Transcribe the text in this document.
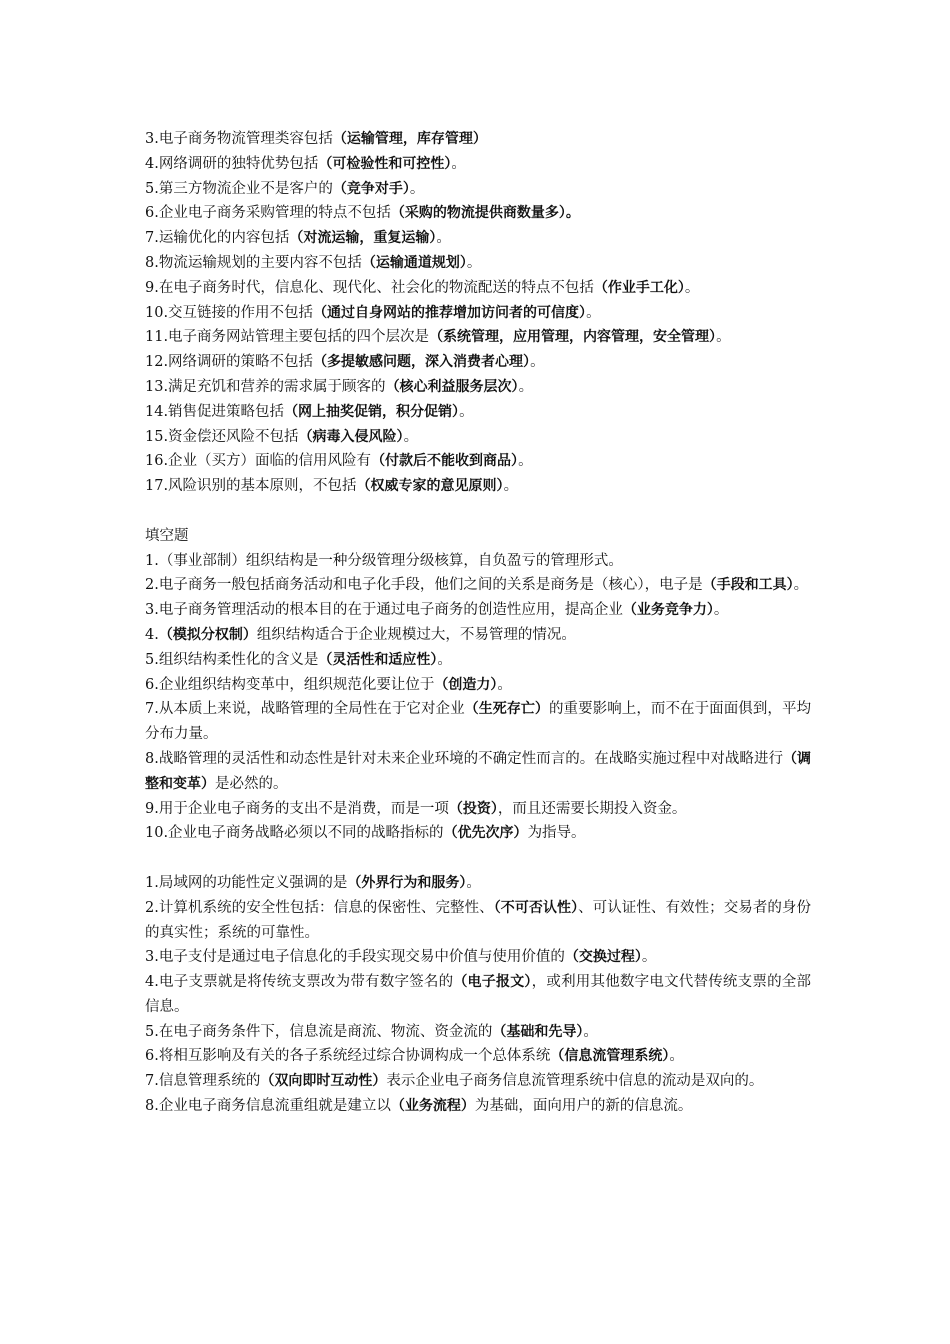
3.电子商务物流管理类容包括（运输管理，库存管理）
4.网络调研的独特优势包括（可检验性和可控性）。
5.第三方物流企业不是客户的（竞争对手）。
6.企业电子商务采购管理的特点不包括（采购的物流提供商数量多）。
7.运输优化的内容包括（对流运输，重复运输）。
8.物流运输规划的主要内容不包括（运输通道规划）。
9.在电子商务时代，信息化、现代化、社会化的物流配送的特点不包括（作业手工化）。
10.交互链接的作用不包括（通过自身网站的推荐增加访问者的可信度）。
11.电子商务网站管理主要包括的四个层次是（系统管理，应用管理，内容管理，安全管理）。
12.网络调研的策略不包括（多提敏感问题，深入消费者心理）。
13.满足充饥和营养的需求属于顾客的（核心利益服务层次）。
14.销售促进策略包括（网上抽奖促销，积分促销）。
15.资金偿还风险不包括（病毒入侵风险）。
16.企业（买方）面临的信用风险有（付款后不能收到商品）。
17.风险识别的基本原则，不包括（权威专家的意见原则）。
填空题
1.（事业部制）组织结构是一种分级管理分级核算，自负盈亏的管理形式。
2.电子商务一般包括商务活动和电子化手段，他们之间的关系是商务是（核心），电子是（手段和工具）。
3.电子商务管理活动的根本目的在于通过电子商务的创造性应用，提高企业（业务竞争力）。
4.（模拟分权制）组织结构适合于企业规模过大，不易管理的情况。
5.组织结构柔性化的含义是（灵活性和适应性）。
6.企业组织结构变革中，组织规范化要让位于（创造力）。
7.从本质上来说，战略管理的全局性在于它对企业（生死存亡）的重要影响上，而不在于面面俱到，平均分布力量。
8.战略管理的灵活性和动态性是针对未来企业环境的不确定性而言的。在战略实施过程中对战略进行（调整和变革）是必然的。
9.用于企业电子商务的支出不是消费，而是一项（投资），而且还需要长期投入资金。
10.企业电子商务战略必须以不同的战略指标的（优先次序）为指导。
1.局域网的功能性定义强调的是（外界行为和服务）。
2.计算机系统的安全性包括：信息的保密性、完整性、（不可否认性）、可认证性、有效性；交易者的身份的真实性；系统的可靠性。
3.电子支付是通过电子信息化的手段实现交易中价值与使用价值的（交换过程）。
4.电子支票就是将传统支票改为带有数字签名的（电子报文），或利用其他数字电文代替传统支票的全部信息。
5.在电子商务条件下，信息流是商流、物流、资金流的（基础和先导）。
6.将相互影响及有关的各子系统经过综合协调构成一个总体系统（信息流管理系统）。
7.信息管理系统的（双向即时互动性）表示企业电子商务信息流管理系统中信息的流动是双向的。
8.企业电子商务信息流重组就是建立以（业务流程）为基础，面向用户的新的信息流。
